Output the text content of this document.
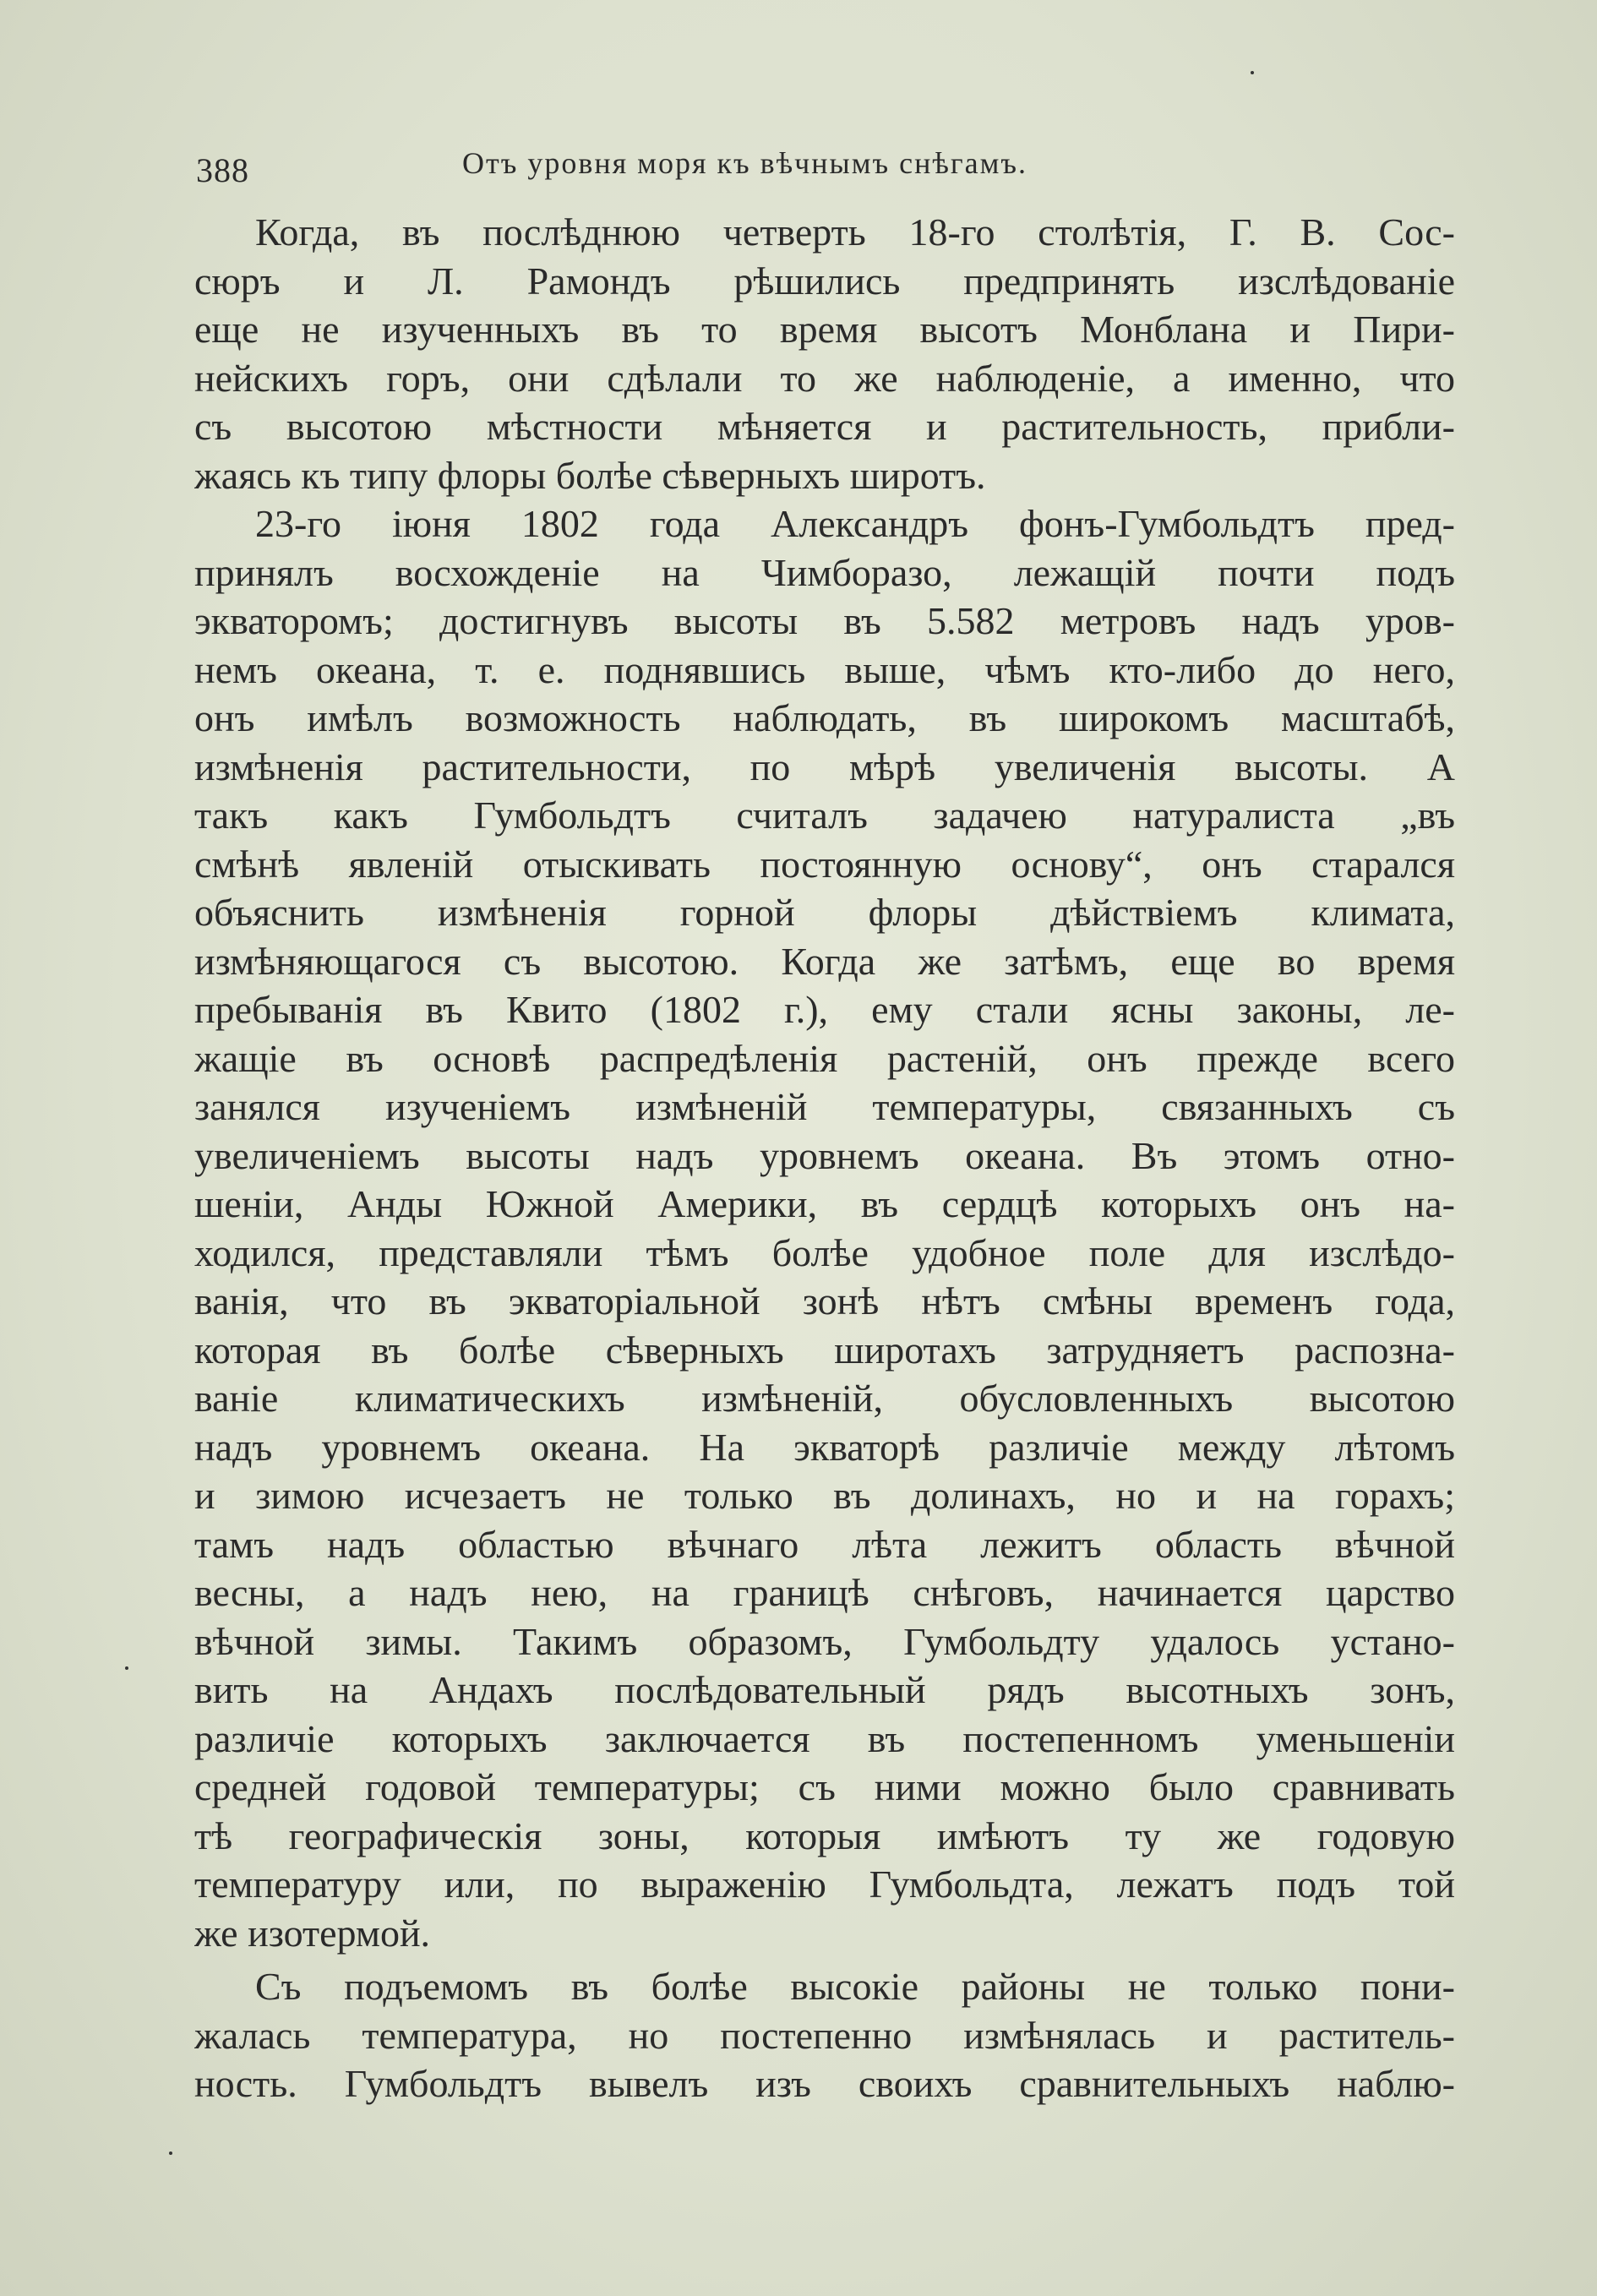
388	Отъ уровня моря къ вѣчнымъ снѣгамъ.
Когда, въ послѣднюю четверть 18-го столѣтія, Г. В. Сос-
сюръ и Л. Рамондъ рѣшились предпринять изслѣдованіе
еще не изученныхъ въ то время высотъ Монблана и Пири-
нейскихъ горъ, они сдѣлали то же наблюденіе, а именно, что
съ высотою мѣстности мѣняется и растительность, прибли-
жаясь къ типу флоры болѣе сѣверныхъ широтъ.
23-го іюня 1802 года Александръ фонъ-Гумбольдтъ пред-
принялъ восхожденіе на Чимборазо, лежащій почти подъ
экваторомъ; достигнувъ высоты въ 5.582 метровъ надъ уров-
немъ океана, т. е. поднявшись выше, чѣмъ кто-либо до него,
онъ имѣлъ возможность наблюдать, въ широкомъ масштабѣ,
измѣненія растительности, по мѣрѣ увеличенія высоты. А
такъ какъ Гумбольдтъ считалъ задачею натуралиста „въ
смѣнѣ явленій отыскивать постоянную основу“, онъ старался
объяснить измѣненія горной флоры дѣйствіемъ климата,
измѣняющагося съ высотою. Когда же затѣмъ, еще во время
пребыванія въ Квито (1802 г.), ему стали ясны законы, ле-
жащіе въ основѣ распредѣленія растеній, онъ прежде всего
занялся изученіемъ измѣненій температуры, связанныхъ съ
увеличеніемъ высоты надъ уровнемъ океана. Въ этомъ отно-
шеніи, Анды Южной Америки, въ сердцѣ которыхъ онъ на-
ходился, представляли тѣмъ болѣе удобное поле для изслѣдо-
ванія, что въ экваторіальной зонѣ нѣтъ смѣны временъ года,
которая въ болѣе сѣверныхъ широтахъ затрудняетъ распозна-
ваніе климатическихъ измѣненій, обусловленныхъ высотою
надъ уровнемъ океана. На экваторѣ различіе между лѣтомъ
и зимою исчезаетъ не только въ долинахъ, но и на горахъ;
тамъ надъ областью вѣчнаго лѣта лежитъ область вѣчной
весны, а надъ нею, на границѣ снѣговъ, начинается царство
вѣчной зимы. Такимъ образомъ, Гумбольдту удалось устано-
вить на Андахъ послѣдовательный рядъ высотныхъ зонъ,
различіе которыхъ заключается въ постепенномъ уменьшеніи
средней годовой температуры; съ ними можно было сравнивать
тѣ географическія зоны, которыя имѣютъ ту же годовую
температуру или, по выраженію Гумбольдта, лежатъ подъ той
же изотермой.
Съ подъемомъ въ болѣе высокіе районы не только пони-
жалась температура, но постепенно измѣнялась и раститель-
ность. Гумбольдтъ вывелъ изъ своихъ сравнительныхъ наблю-
